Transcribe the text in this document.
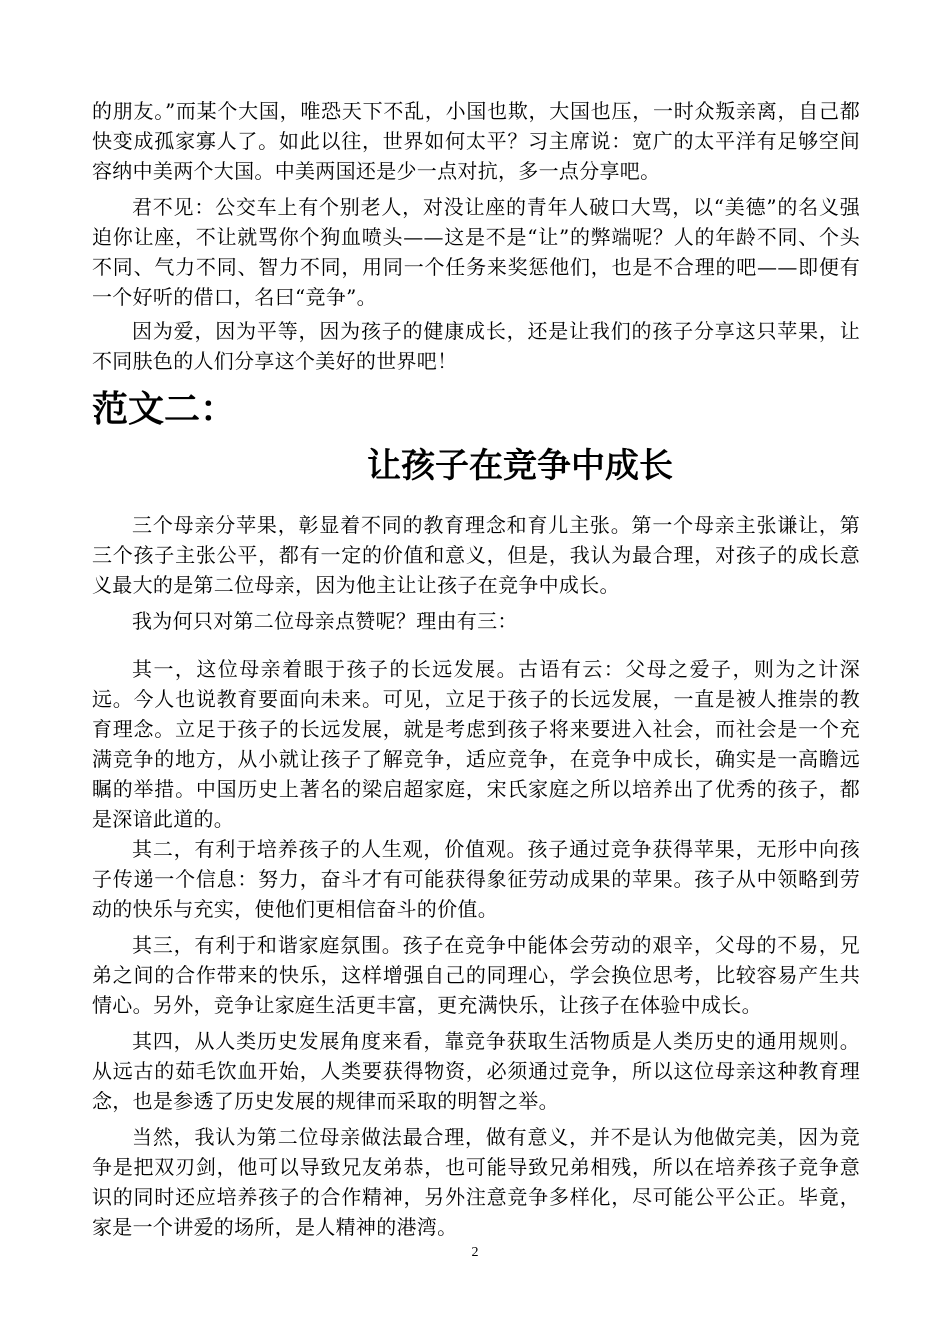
的朋友。”而某个大国，唯恐天下不乱，小国也欺，大国也压，一时众叛亲离，自己都快变成孤家寡人了。如此以往，世界如何太平？习主席说：宽广的太平洋有足够空间容纳中美两个大国。中美两国还是少一点对抗，多一点分享吧。

君不见：公交车上有个别老人，对没让座的青年人破口大骂，以“美德”的名义强迫你让座，不让就骂你个狗血喷头——这是不是“让”的弊端呢？人的年龄不同、个头不同、气力不同、智力不同，用同一个任务来奖惩他们，也是不合理的吧——即便有一个好听的借口，名曰“竞争”。

因为爱，因为平等，因为孩子的健康成长，还是让我们的孩子分享这只苹果，让不同肤色的人们分享这个美好的世界吧！

范文二：
让孩子在竞争中成长

三个母亲分苹果，彰显着不同的教育理念和育儿主张。第一个母亲主张谦让，第三个孩子主张公平，都有一定的价值和意义，但是，我认为最合理，对孩子的成长意义最大的是第二位母亲，因为他主让让孩子在竞争中成长。

我为何只对第二位母亲点赞呢？理由有三：

其一，这位母亲着眼于孩子的长远发展。古语有云：父母之爱子，则为之计深远。今人也说教育要面向未来。可见，立足于孩子的长远发展，一直是被人推崇的教育理念。立足于孩子的长远发展，就是考虑到孩子将来要进入社会，而社会是一个充满竞争的地方，从小就让孩子了解竞争，适应竞争，在竞争中成长，确实是一高瞻远瞩的举措。中国历史上著名的梁启超家庭，宋氏家庭之所以培养出了优秀的孩子，都是深谙此道的。

其二，有利于培养孩子的人生观，价值观。孩子通过竞争获得苹果，无形中向孩子传递一个信息：努力，奋斗才有可能获得象征劳动成果的苹果。孩子从中领略到劳动的快乐与充实，使他们更相信奋斗的价值。

其三，有利于和谐家庭氛围。孩子在竞争中能体会劳动的艰辛，父母的不易，兄弟之间的合作带来的快乐，这样增强自己的同理心，学会换位思考，比较容易产生共情心。另外，竞争让家庭生活更丰富，更充满快乐，让孩子在体验中成长。

其四，从人类历史发展角度来看，靠竞争获取生活物质是人类历史的通用规则。从远古的茹毛饮血开始，人类要获得物资，必须通过竞争，所以这位母亲这种教育理念，也是参透了历史发展的规律而采取的明智之举。

当然，我认为第二位母亲做法最合理，做有意义，并不是认为他做完美，因为竞争是把双刃剑，他可以导致兄友弟恭，也可能导致兄弟相残，所以在培养孩子竞争意识的同时还应培养孩子的合作精神，另外注意竞争多样化，尽可能公平公正。毕竟，家是一个讲爱的场所，是人精神的港湾。

2
